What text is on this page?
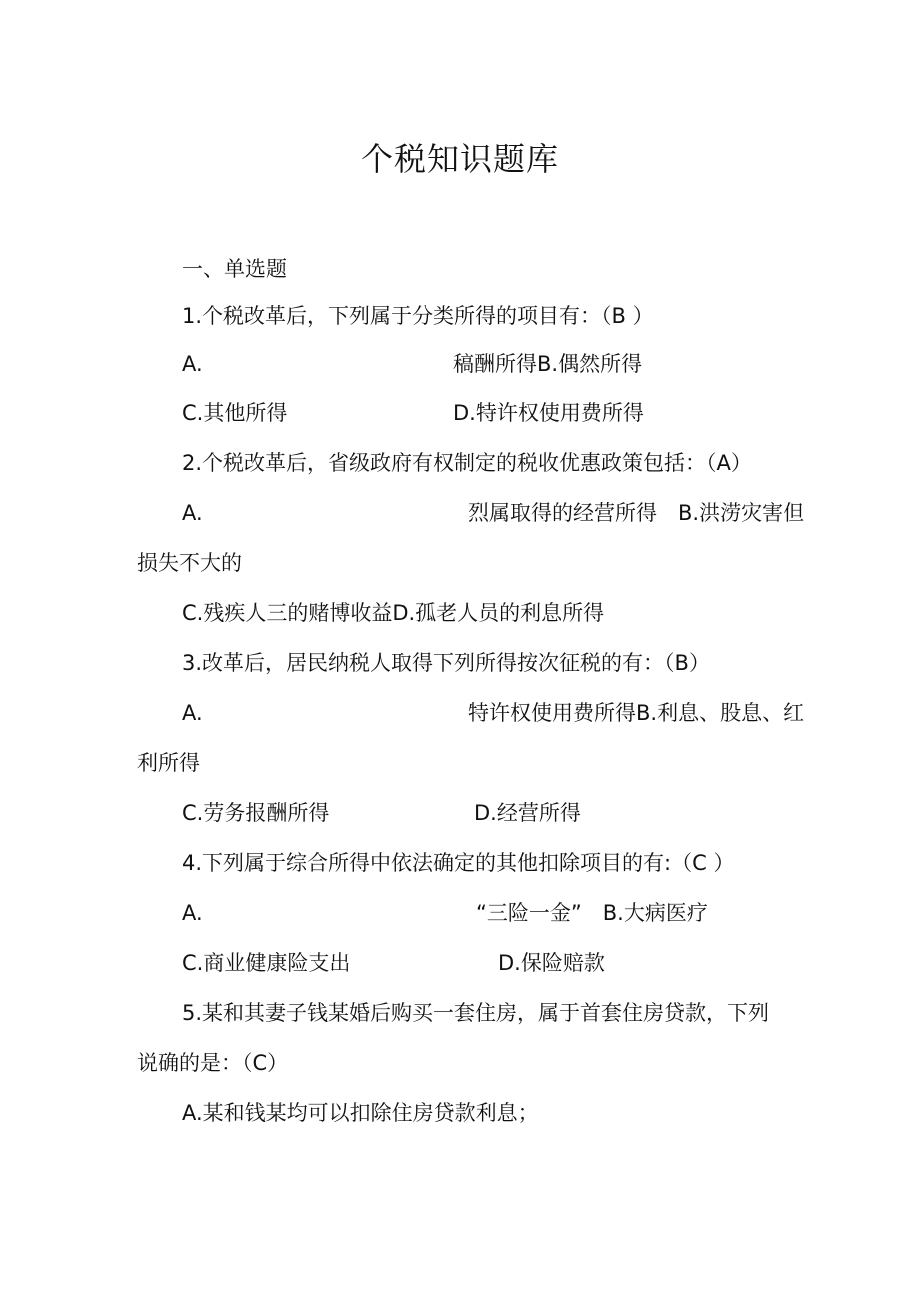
个税知识题库
一、单选题
1.个税改革后，下列属于分类所得的项目有：（B ）
A.	稿酬所得B.偶然所得
C.其他所得	D.特许权使用费所得
2.个税改革后，省级政府有权制定的税收优惠政策包括：（A）
A.	烈属取得的经营所得　B.洪涝灾害但
损失不大的
C.残疾人三的赌博收益D.孤老人员的利息所得
3.改革后，居民纳税人取得下列所得按次征税的有：（B）
A.	特许权使用费所得B.利息、股息、红
利所得
C.劳务报酬所得	D.经营所得
4.下列属于综合所得中依法确定的其他扣除项目的有:（C ）
A.	“三险一金”　B.大病医疗
C.商业健康险支出	D.保险赔款
5.某和其妻子钱某婚后购买一套住房，属于首套住房贷款，下列
说确的是：（C）
A.某和钱某均可以扣除住房贷款利息；
